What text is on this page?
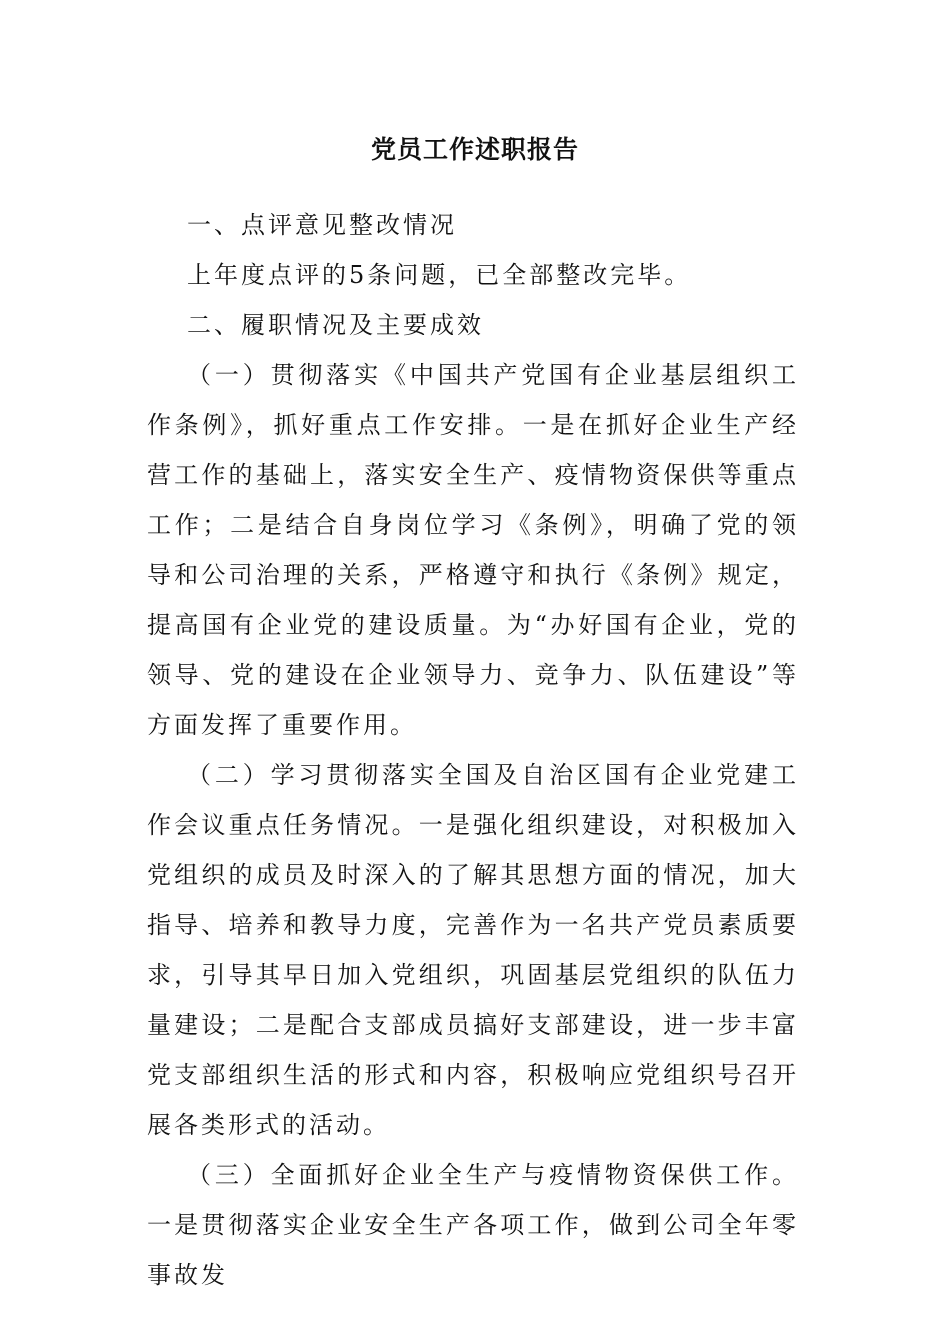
党员工作述职报告

一、点评意见整改情况

上年度点评的5条问题，已全部整改完毕。

二、履职情况及主要成效

（一）贯彻落实《中国共产党国有企业基层组织工作条例》，抓好重点工作安排。一是在抓好企业生产经营工作的基础上，落实安全生产、疫情物资保供等重点工作；二是结合自身岗位学习《条例》，明确了党的领导和公司治理的关系，严格遵守和执行《条例》规定，提高国有企业党的建设质量。为“办好国有企业，党的领导、党的建设在企业领导力、竞争力、队伍建设”等方面发挥了重要作用。

（二）学习贯彻落实全国及自治区国有企业党建工作会议重点任务情况。一是强化组织建设，对积极加入党组织的成员及时深入的了解其思想方面的情况，加大指导、培养和教导力度，完善作为一名共产党员素质要求，引导其早日加入党组织，巩固基层党组织的队伍力量建设；二是配合支部成员搞好支部建设，进一步丰富党支部组织生活的形式和内容，积极响应党组织号召开展各类形式的活动。

（三）全面抓好企业全生产与疫情物资保供工作。一是贯彻落实企业安全生产各项工作，做到公司全年零事故发
